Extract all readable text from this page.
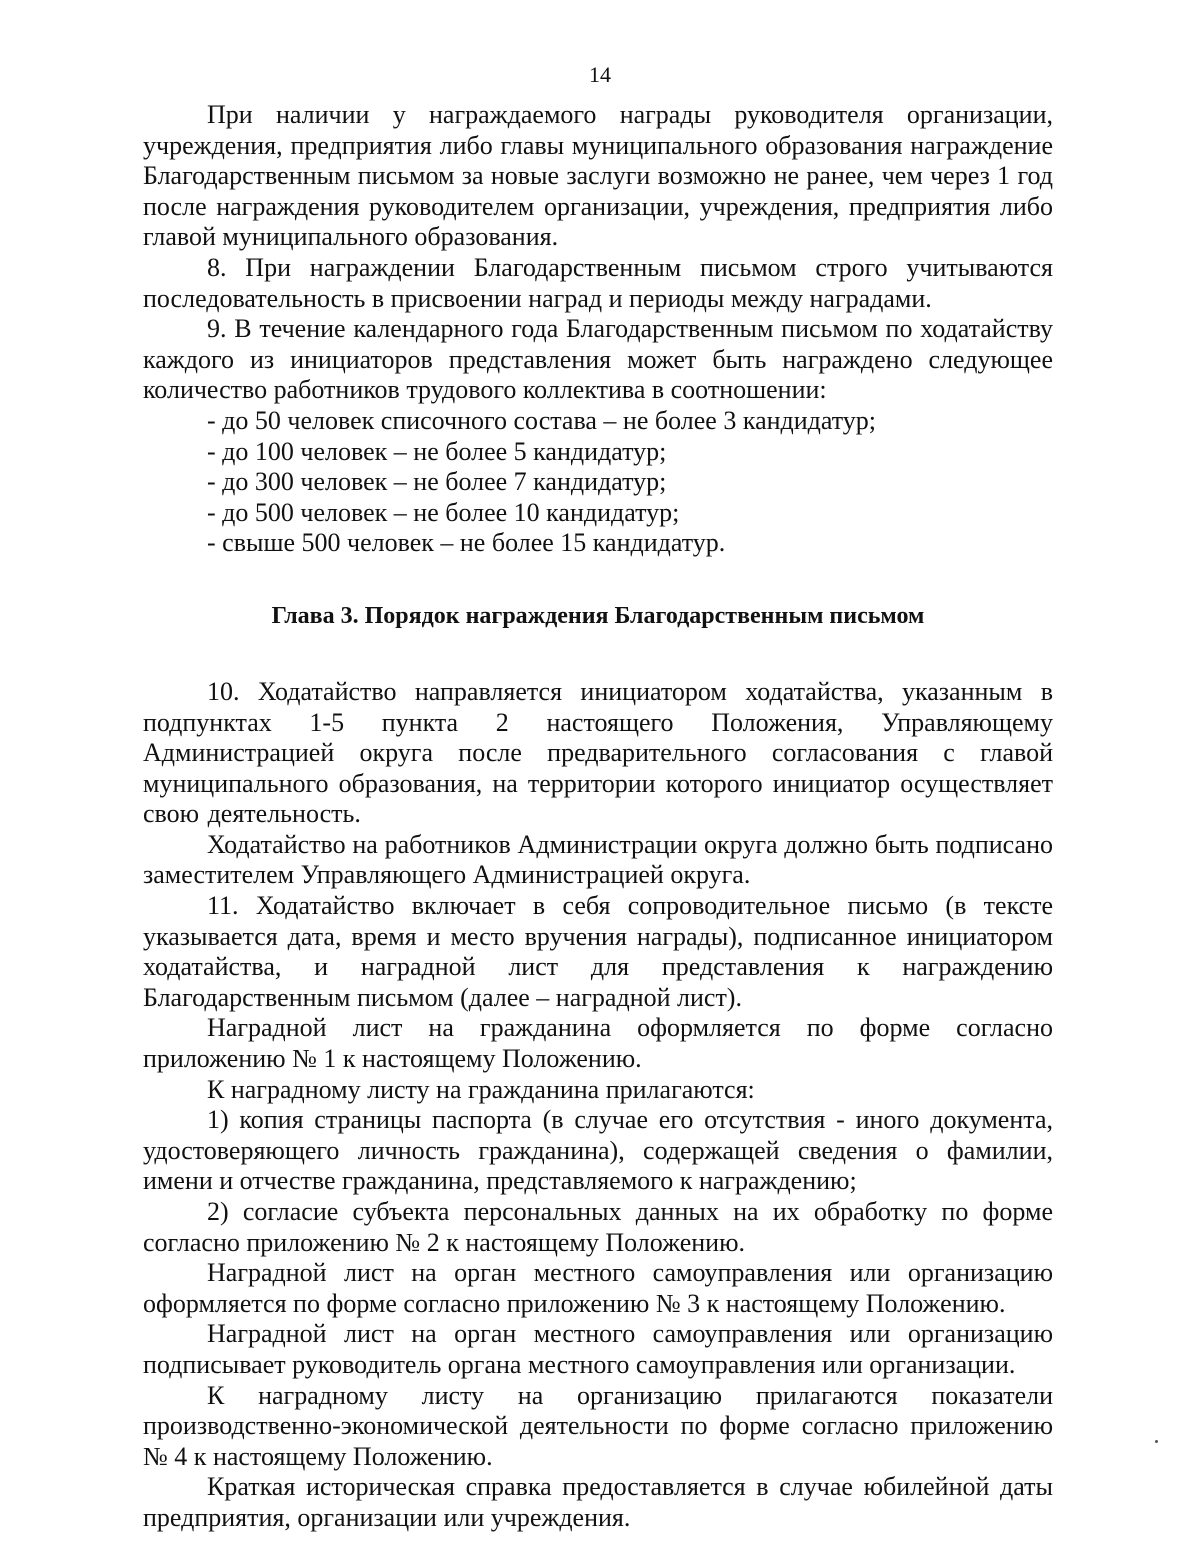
14

При наличии у награждаемого награды руководителя организации, учреждения, предприятия либо главы муниципального образования награждение Благодарственным письмом за новые заслуги возможно не ранее, чем через 1 год после награждения руководителем организации, учреждения, предприятия либо главой муниципального образования.

8. При награждении Благодарственным письмом строго учитываются последовательность в присвоении наград и периоды между наградами.

9. В течение календарного года Благодарственным письмом по ходатайству каждого из инициаторов представления может быть награждено следующее количество работников трудового коллектива в соотношении:

- до 50 человек списочного состава – не более 3 кандидатур;

- до 100 человек – не более 5 кандидатур;

- до 300 человек – не более 7 кандидатур;

- до 500 человек – не более 10 кандидатур;

- свыше 500 человек – не более 15 кандидатур.

Глава 3. Порядок награждения Благодарственным письмом

10. Ходатайство направляется инициатором ходатайства, указанным в подпунктах 1-5 пункта 2 настоящего Положения, Управляющему Администрацией округа после предварительного согласования с главой муниципального образования, на территории которого инициатор осуществляет свою деятельность.

Ходатайство на работников Администрации округа должно быть подписано заместителем Управляющего Администрацией округа.

11. Ходатайство включает в себя сопроводительное письмо (в тексте указывается дата, время и место вручения награды), подписанное инициатором ходатайства, и наградной лист для представления к награждению Благодарственным письмом (далее – наградной лист).

Наградной лист на гражданина оформляется по форме согласно приложению № 1 к настоящему Положению.

К наградному листу на гражданина прилагаются:

1) копия страницы паспорта (в случае его отсутствия - иного документа, удостоверяющего личность гражданина), содержащей сведения о фамилии, имени и отчестве гражданина, представляемого к награждению;

2) согласие субъекта персональных данных на их обработку по форме согласно приложению № 2 к настоящему Положению.

Наградной лист на орган местного самоуправления или организацию оформляется по форме согласно приложению № 3 к настоящему Положению.

Наградной лист на орган местного самоуправления или организацию подписывает руководитель органа местного самоуправления или организации.

К наградному листу на организацию прилагаются показатели производственно-экономической деятельности по форме согласно приложению № 4 к настоящему Положению.

Краткая историческая справка предоставляется в случае юбилейной даты предприятия, организации или учреждения.
